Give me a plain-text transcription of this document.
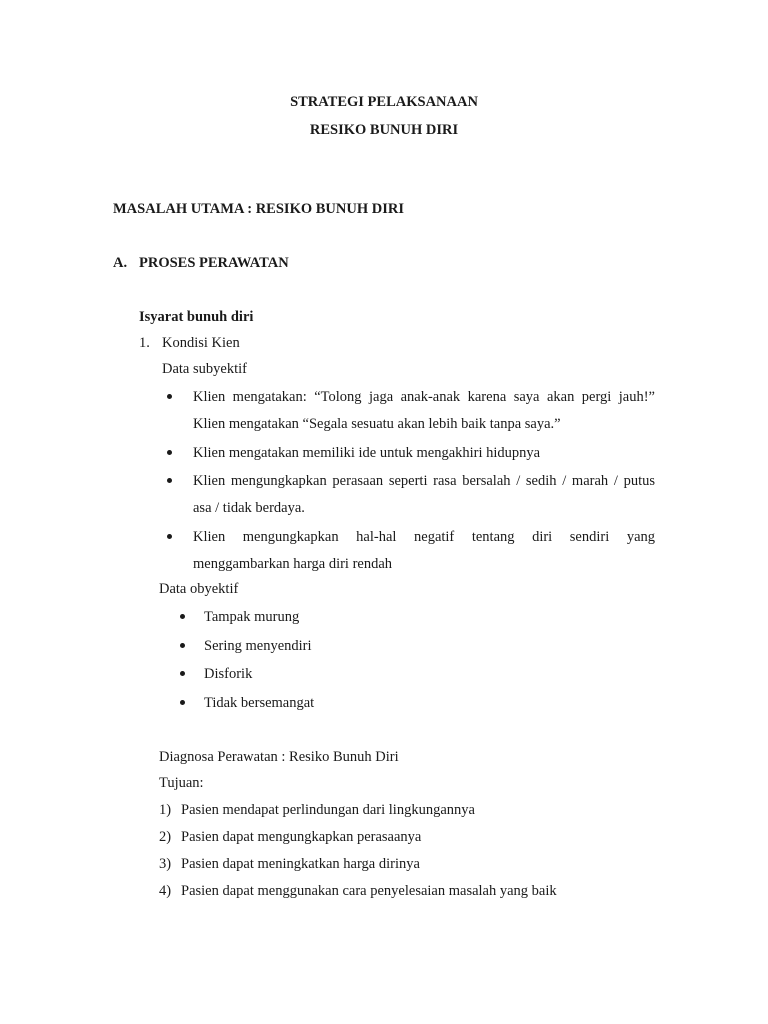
STRATEGI PELAKSANAAN
RESIKO BUNUH DIRI
MASALAH UTAMA : RESIKO BUNUH DIRI
A. PROSES PERAWATAN
Isyarat bunuh diri
1. Kondisi Kien
Data subyektif
Klien mengatakan: “Tolong jaga anak-anak karena saya akan pergi jauh!”
Klien mengatakan “Segala sesuatu akan lebih baik tanpa saya.”
Klien mengatakan memiliki ide untuk mengakhiri hidupnya
Klien mengungkapkan perasaan seperti rasa bersalah / sedih / marah / putus
asa / tidak berdaya.
Klien mengungkapkan hal-hal negatif tentang diri sendiri yang
menggambarkan harga diri rendah
Data obyektif
Tampak murung
Sering menyendiri
Disforik
Tidak bersemangat
Diagnosa Perawatan : Resiko Bunuh Diri
Tujuan:
1) Pasien mendapat perlindungan dari lingkungannya
2) Pasien dapat mengungkapkan perasaanya
3) Pasien dapat meningkatkan harga dirinya
4) Pasien dapat menggunakan cara penyelesaian masalah yang baik
